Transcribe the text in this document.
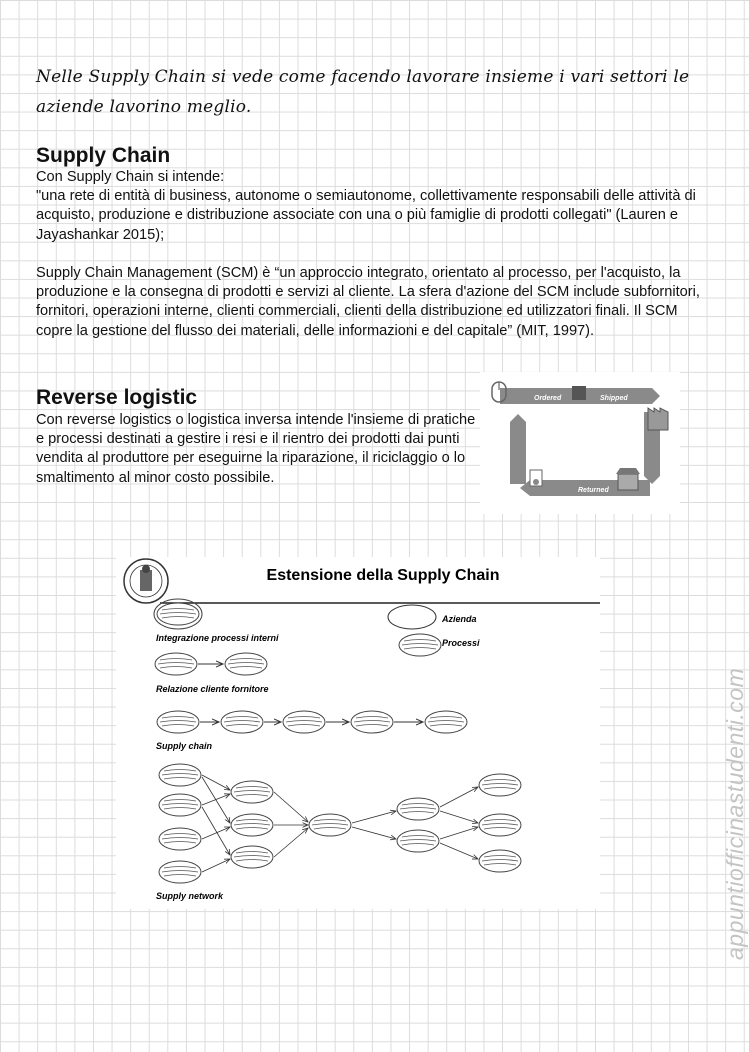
Nelle Supply Chain si vede come facendo lavorare insieme i vari settori le aziende lavorino meglio.
Supply Chain

Con Supply Chain si intende:
"una rete di entità di business, autonome o semiautonome, collettivamente responsabili delle attività di acquisto, produzione e distribuzione associate con una o più famiglie di prodotti collegati" (Lauren e Jayashankar 2015);

Supply Chain Management (SCM) è “un approccio integrato, orientato al processo, per l'acquisto, la produzione e la consegna di prodotti e servizi al cliente. La sfera d'azione del SCM include subfornitori, fornitori, operazioni interne, clienti commerciali, clienti della distribuzione ed utilizzatori finali. Il SCM copre la gestione del flusso dei materiali, delle informazioni e del capitale” (MIT, 1997).

Reverse logistic

Con reverse logistics o logistica inversa intende l'insieme di pratiche e processi destinati a gestire i resi e il rientro dei prodotti dai punti vendita al produttore per eseguirne la riparazione, il riciclaggio o lo smaltimento al minor costo possibile.

Ordered	Shipped
Returned
Estensione della Supply Chain
Azienda
Processi
Integrazione processi interni
Relazione cliente fornitore
Supply chain
Supply network	appuntiofficinastudenti.com
